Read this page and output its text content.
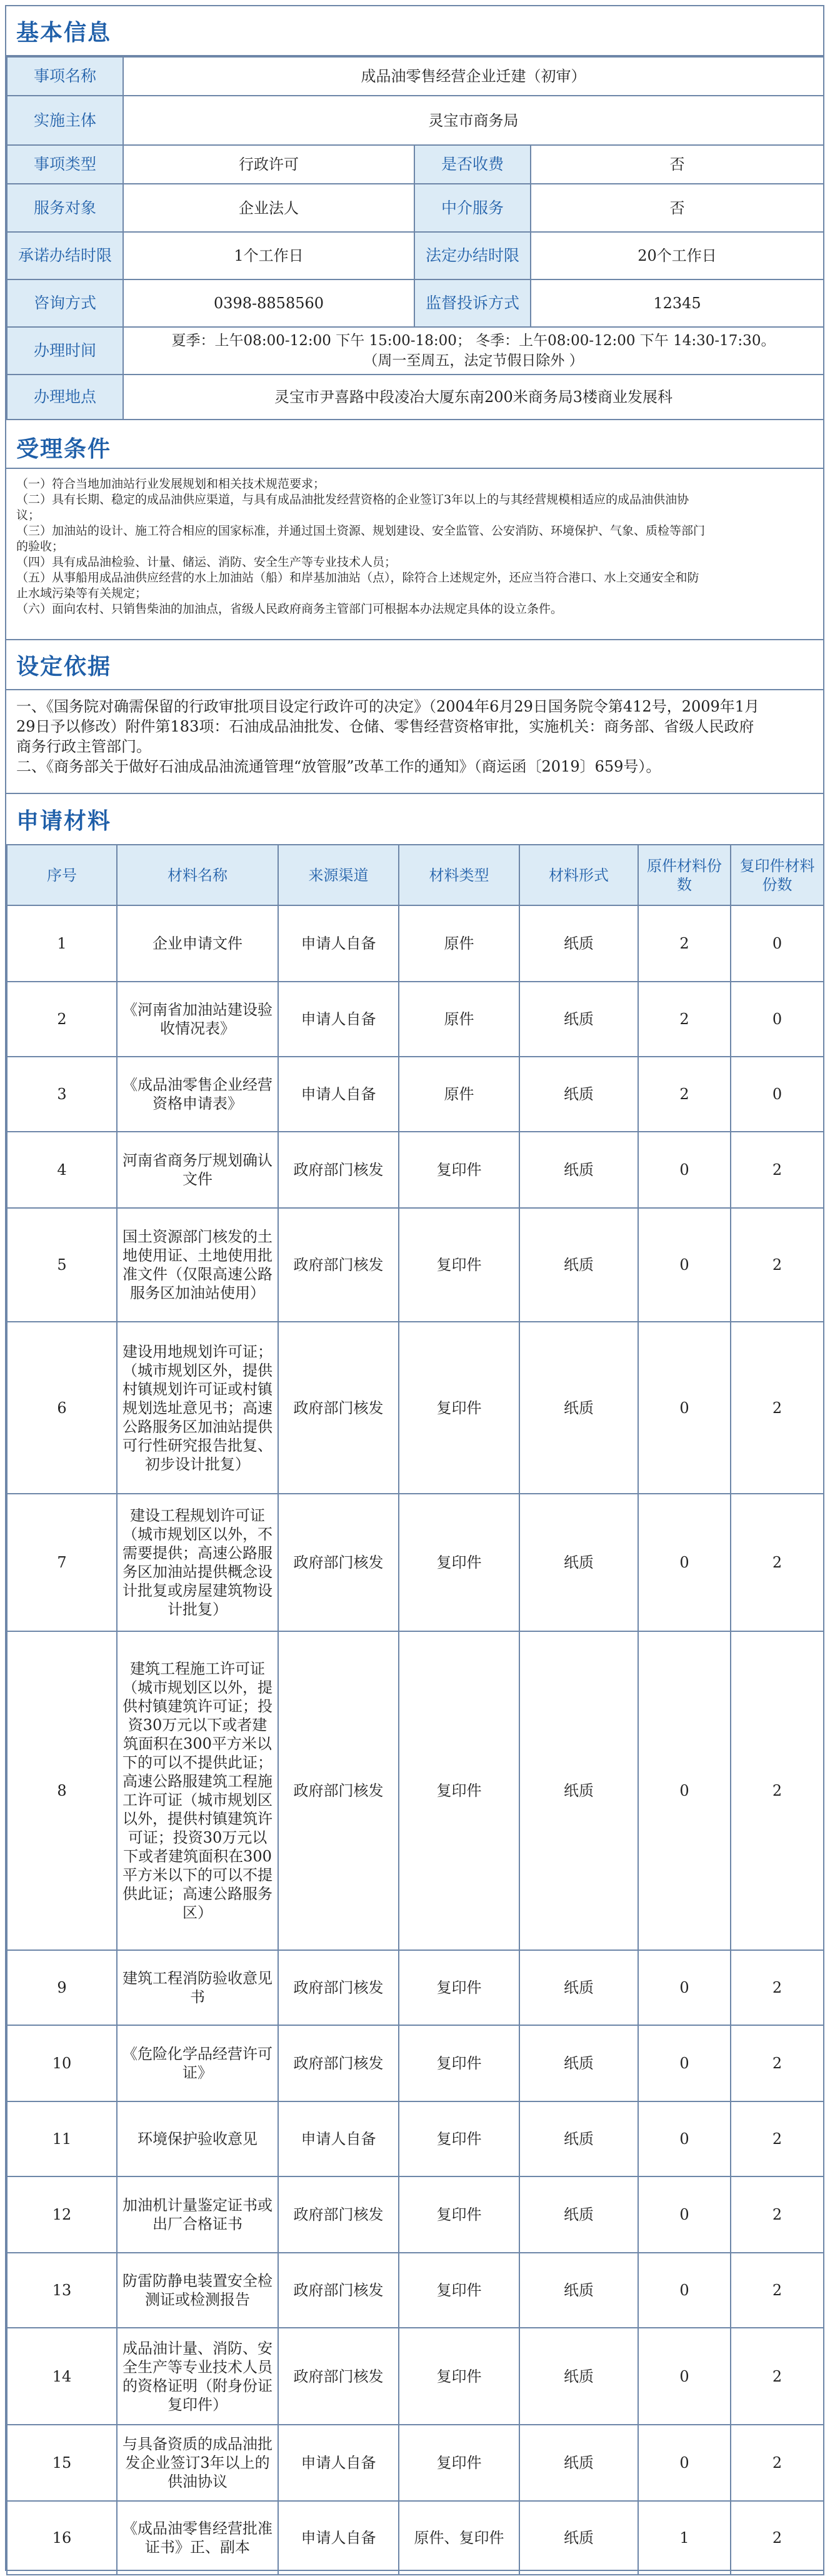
基本信息
事项名称	成品油零售经营企业迁建（初审）		
实施主体	灵宝市商务局		
事项类型	行政许可	是否收费	否
服务对象	企业法人	中介服务	否
承诺办结时限	1个工作日	法定办结时限	20个工作日
咨询方式	0398-8858560	监督投诉方式	12345
办理时间	夏季：上午08:00-12:00 下午 15:00-18:00； 冬季：上午08:00-12:00 下午 14:30-17:30。
（周一至周五，法定节假日除外 ）		

办理地点	灵宝市尹喜路中段凌冶大厦东南200米商务局3楼商业发展科		
受理条件
（一）符合当地加油站行业发展规划和相关技术规范要求；
（二）具有长期、稳定的成品油供应渠道，与具有成品油批发经营资格的企业签订3年以上的与其经营规模相适应的成品油供油协
议；
（三）加油站的设计、施工符合相应的国家标准，并通过国土资源、规划建设、安全监管、公安消防、环境保护、气象、质检等部门
的验收；
（四）具有成品油检验、计量、储运、消防、安全生产等专业技术人员；
（五）从事船用成品油供应经营的水上加油站（船）和岸基加油站（点），除符合上述规定外，还应当符合港口、水上交通安全和防
止水域污染等有关规定；
（六）面向农村、只销售柴油的加油点，省级人民政府商务主管部门可根据本办法规定具体的设立条件。
设定依据
一、《国务院对确需保留的行政审批项目设定行政许可的决定》（2004年6月29日国务院令第412号，2009年1月
29日予以修改）附件第183项：石油成品油批发、仓储、零售经营资格审批，实施机关：商务部、省级人民政府
商务行政主管部门。
二、《商务部关于做好石油成品油流通管理“放管服”改革工作的通知》（商运函〔2019〕659号）。
申请材料
序号	材料名称	来源渠道	材料类型	材料形式	原件材料份数	复印件材料份数
1	企业申请文件	申请人自备	原件	纸质	2	0
2	《河南省加油站建设验收情况表》	申请人自备	原件	纸质	2	0
3	《成品油零售企业经营资格申请表》	申请人自备	原件	纸质	2	0
4	河南省商务厅规划确认文件	政府部门核发	复印件	纸质	0	2
5	国土资源部门核发的土地使用证、土地使用批准文件（仅限高速公路服务区加油站使用）	政府部门核发	复印件	纸质	0	2
6	建设用地规划许可证；（城市规划区外，提供村镇规划许可证或村镇规划选址意见书；高速公路服务区加油站提供可行性研究报告批复、初步设计批复）	政府部门核发	复印件	纸质	0	2
7	建设工程规划许可证（城市规划区以外，不需要提供；高速公路服务区加油站提供概念设计批复或房屋建筑物设计批复）	政府部门核发	复印件	纸质	0	2
8	建筑工程施工许可证（城市规划区以外，提供村镇建筑许可证；投资30万元以下或者建筑面积在300平方米以下的可以不提供此证；高速公路服建筑工程施工许可证（城市规划区以外，提供村镇建筑许可证；投资30万元以下或者建筑面积在300平方米以下的可以不提供此证；高速公路服务区）	政府部门核发	复印件	纸质	0	2
9	建筑工程消防验收意见书	政府部门核发	复印件	纸质	0	2
10	《危险化学品经营许可证》	政府部门核发	复印件	纸质	0	2
11	环境保护验收意见	申请人自备	复印件	纸质	0	2
12	加油机计量鉴定证书或出厂合格证书	政府部门核发	复印件	纸质	0	2
13	防雷防静电装置安全检测证或检测报告	政府部门核发	复印件	纸质	0	2
14	成品油计量、消防、安全生产等专业技术人员的资格证明（附身份证复印件）	政府部门核发	复印件	纸质	0	2
15	与具备资质的成品油批发企业签订3年以上的供油协议	申请人自备	复印件	纸质	0	2
16	《成品油零售经营批准证书》正、副本	申请人自备	原件、复印件	纸质	1	2
